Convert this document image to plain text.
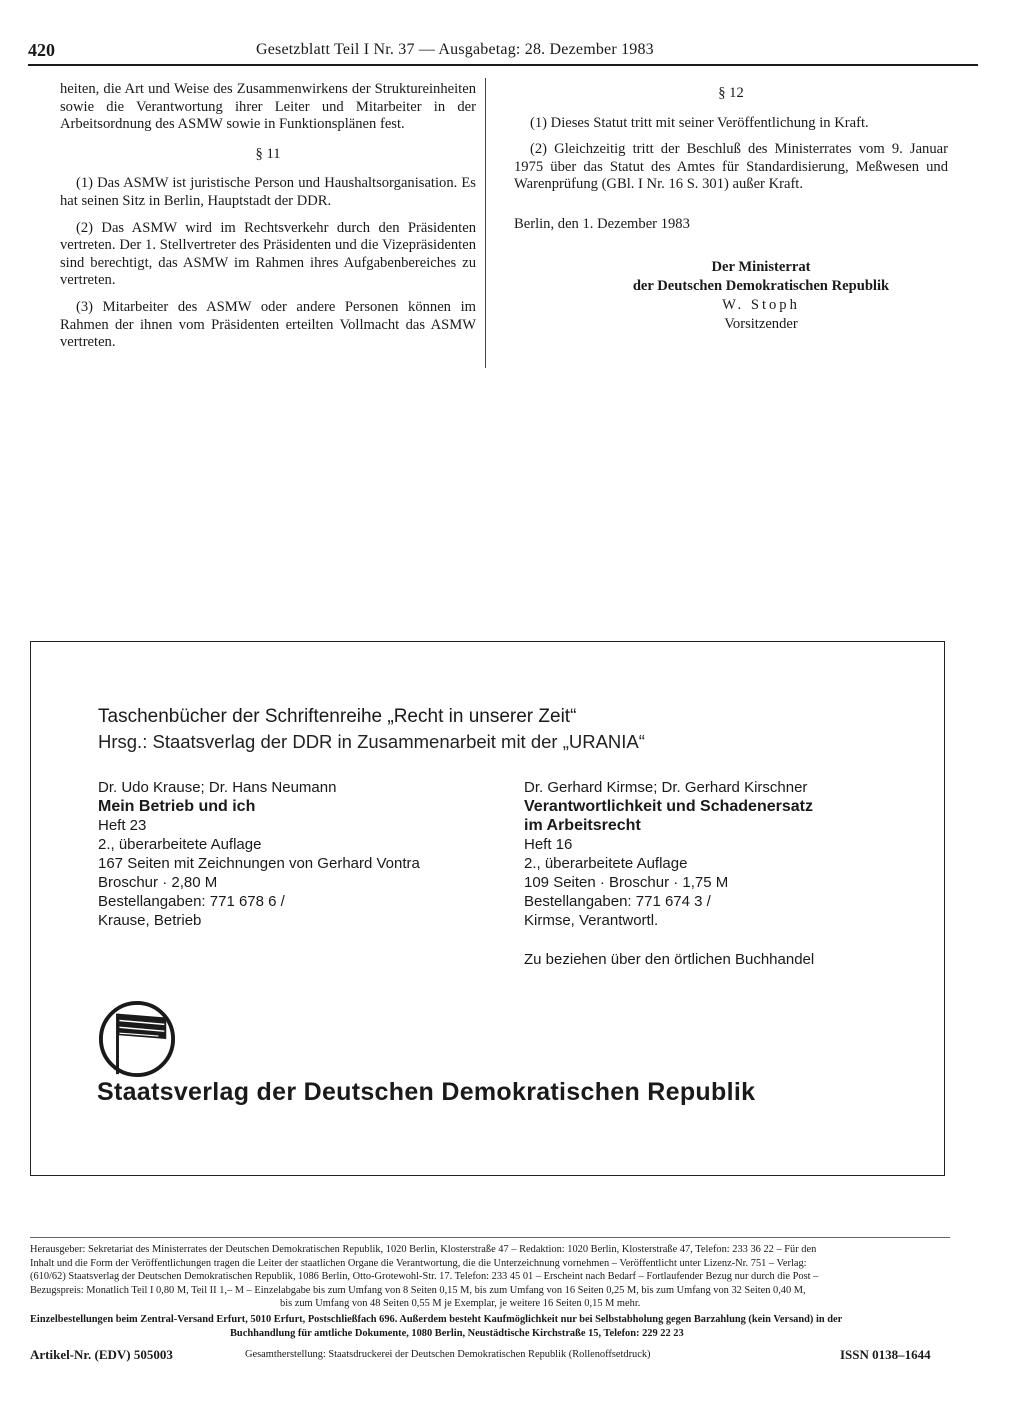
420	Gesetzblatt Teil I Nr. 37 — Ausgabetag: 28. Dezember 1983

heiten, die Art und Weise des Zusammenwirkens der Struktureinheiten sowie die Verantwortung ihrer Leiter und Mitarbeiter in der Arbeitsordnung des ASMW sowie in Funktionsplänen fest.

§ 11

(1) Das ASMW ist juristische Person und Haushaltsorganisation. Es hat seinen Sitz in Berlin, Hauptstadt der DDR.

(2) Das ASMW wird im Rechtsverkehr durch den Präsidenten vertreten. Der 1. Stellvertreter des Präsidenten und die Vizepräsidenten sind berechtigt, das ASMW im Rahmen ihres Aufgabenbereiches zu vertreten.

(3) Mitarbeiter des ASMW oder andere Personen können im Rahmen der ihnen vom Präsidenten erteilten Vollmacht das ASMW vertreten.

§ 12

(1) Dieses Statut tritt mit seiner Veröffentlichung in Kraft.

(2) Gleichzeitig tritt der Beschluß des Ministerrates vom 9. Januar 1975 über das Statut des Amtes für Standardisierung, Meßwesen und Warenprüfung (GBl. I Nr. 16 S. 301) außer Kraft.

Berlin, den 1. Dezember 1983

Der Ministerrat
der Deutschen Demokratischen Republik
W. Stoph
Vorsitzender
Taschenbücher der Schriftenreihe „Recht in unserer Zeit“
Hrsg.: Staatsverlag der DDR in Zusammenarbeit mit der „URANIA“
Dr. Udo Krause; Dr. Hans Neumann
Mein Betrieb und ich
Heft 23
2., überarbeitete Auflage
167 Seiten mit Zeichnungen von Gerhard Vontra
Broschur · 2,80 M
Bestellangaben: 771 678 6 /
Krause, Betrieb
Dr. Gerhard Kirmse; Dr. Gerhard Kirschner
Verantwortlichkeit und Schadenersatz
im Arbeitsrecht
Heft 16
2., überarbeitete Auflage
109 Seiten · Broschur · 1,75 M
Bestellangaben: 771 674 3 /
Kirmse, Verantwortl.
Zu beziehen über den örtlichen Buchhandel
Staatsverlag der Deutschen Demokratischen Republik

Herausgeber: Sekretariat des Ministerrates der Deutschen Demokratischen Republik, 1020 Berlin, Klosterstraße 47 – Redaktion: 1020 Berlin, Klosterstraße 47, Telefon: 233 36 22 – Für den

Inhalt und die Form der Veröffentlichungen tragen die Leiter der staatlichen Organe die Verantwortung, die die Unterzeichnung vornehmen – Veröffentlicht unter Lizenz-Nr. 751 – Verlag:

(610/62) Staatsverlag der Deutschen Demokratischen Republik, 1086 Berlin, Otto-Grotewohl-Str. 17. Telefon: 233 45 01 – Erscheint nach Bedarf – Fortlaufender Bezug nur durch die Post –

Bezugspreis: Monatlich Teil I 0,80 M, Teil II 1,– M – Einzelabgabe bis zum Umfang von 8 Seiten 0,15 M, bis zum Umfang von 16 Seiten 0,25 M, bis zum Umfang von 32 Seiten 0,40 M,

bis zum Umfang von 48 Seiten 0,55 M je Exemplar, je weitere 16 Seiten 0,15 M mehr.

Einzelbestellungen beim Zentral-Versand Erfurt, 5010 Erfurt, Postschließfach 696. Außerdem besteht Kaufmöglichkeit nur bei Selbstabholung gegen Barzahlung (kein Versand) in der

Buchhandlung für amtliche Dokumente, 1080 Berlin, Neustädtische Kirchstraße 15, Telefon: 229 22 23

Artikel-Nr. (EDV) 505003	Gesamtherstellung: Staatsdruckerei der Deutschen Demokratischen Republik (Rollenoffsetdruck)	ISSN 0138–1644
